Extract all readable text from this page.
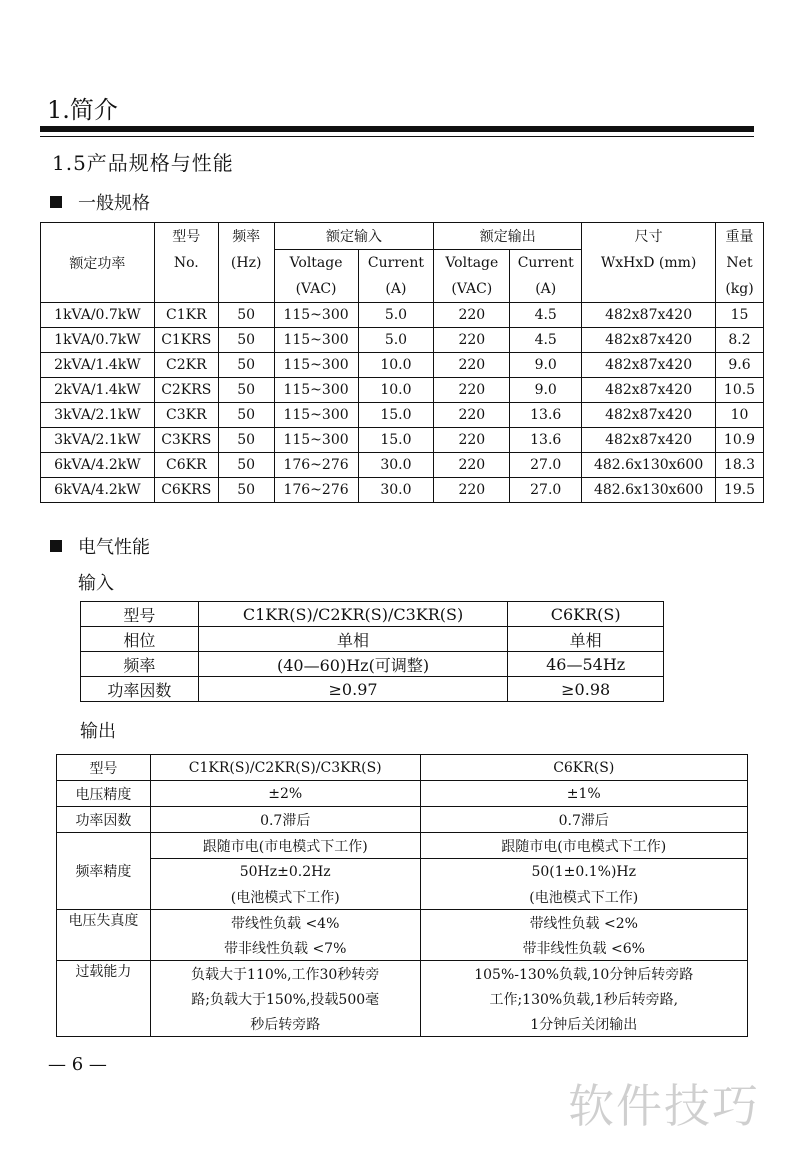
1.简介
1.5产品规格与性能
一般规格
	型号	频率	额定输入		额定输出		尺寸	重量
额定功率	No.	(Hz)	Voltage	Current	Voltage	Current	WxHxD (mm)	Net
			(VAC)	(A)	(VAC)	(A)		(kg)
1kVA/0.7kW	C1KR	50	115~300	5.0	220	4.5	482x87x420	15
1kVA/0.7kW	C1KRS	50	115~300	5.0	220	4.5	482x87x420	8.2
2kVA/1.4kW	C2KR	50	115~300	10.0	220	9.0	482x87x420	9.6
2kVA/1.4kW	C2KRS	50	115~300	10.0	220	9.0	482x87x420	10.5
3kVA/2.1kW	C3KR	50	115~300	15.0	220	13.6	482x87x420	10
3kVA/2.1kW	C3KRS	50	115~300	15.0	220	13.6	482x87x420	10.9
6kVA/4.2kW	C6KR	50	176~276	30.0	220	27.0	482.6x130x600	18.3
6kVA/4.2kW	C6KRS	50	176~276	30.0	220	27.0	482.6x130x600	19.5
电气性能
输入
型号	C1KR(S)/C2KR(S)/C3KR(S)	C6KR(S)
相位	单相	单相
频率	(40—60)Hz(可调整)	46—54Hz
功率因数	≥0.97	≥0.98
输出
型号	C1KR(S)/C2KR(S)/C3KR(S)	C6KR(S)
电压精度	±2%	±1%
功率因数	0.7滞后	0.7滞后
频率精度	跟随市电(市电模式下工作)	跟随市电(市电模式下工作)
	50Hz±0.2Hz	50(1±0.1%)Hz
	(电池模式下工作)	(电池模式下工作)
电压失真度	带线性负载 <4%	带线性负载 <2%
	带非线性负载 <7%	带非线性负载 <6%
过载能力	负载大于110%,工作30秒转旁	105%-130%负载,10分钟后转旁路
	路;负载大于150%,投载500毫	工作;130%负载,1秒后转旁路,
	秒后转旁路	1分钟后关闭输出
— 6 —
软件技巧
